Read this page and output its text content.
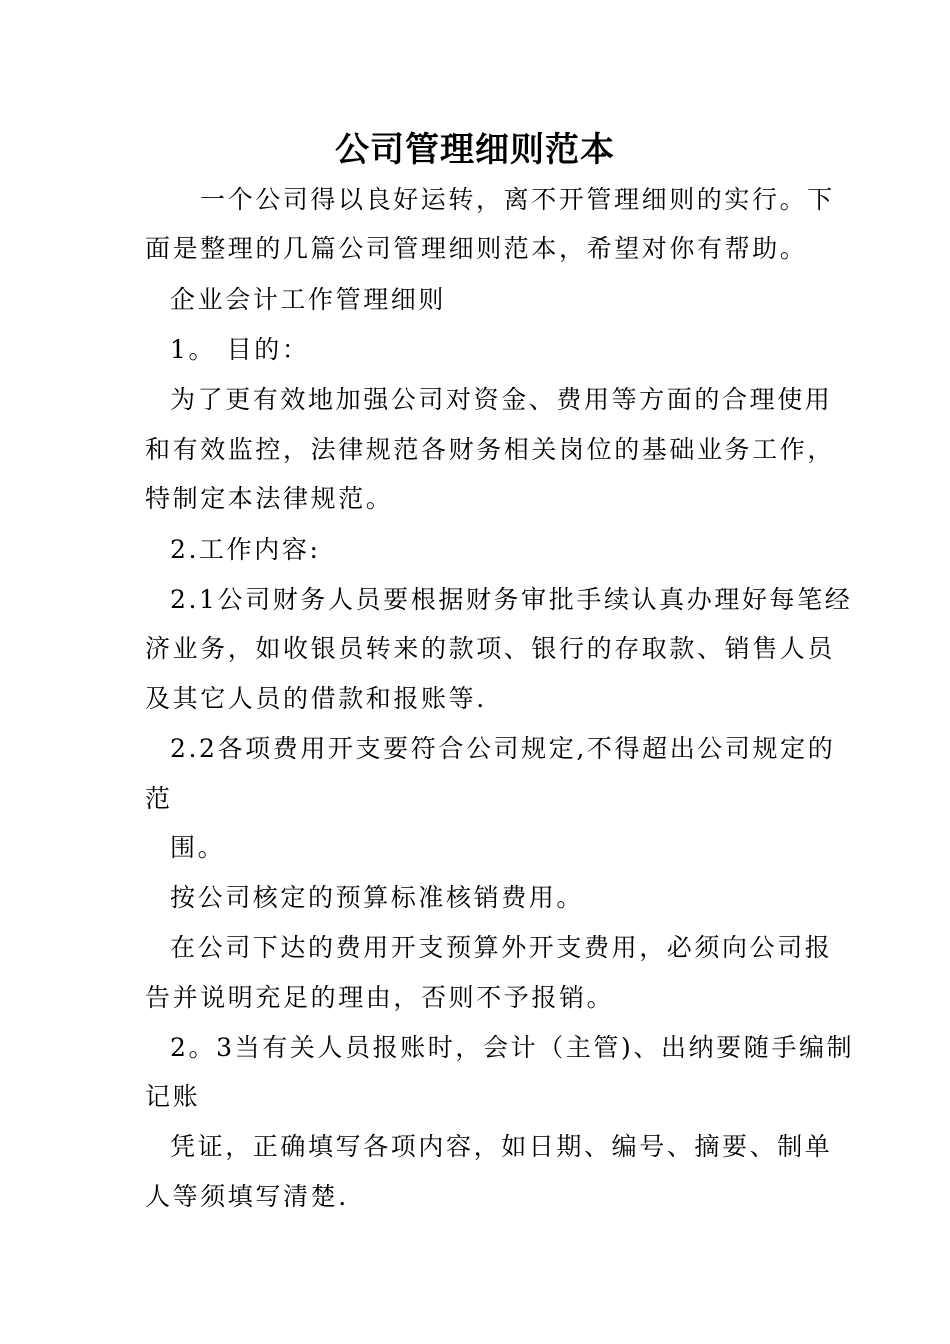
公司管理细则范本
一个公司得以良好运转，离不开管理细则的实行。下
面是整理的几篇公司管理细则范本，希望对你有帮助。
企业会计工作管理细则
1。 目的：
为了更有效地加强公司对资金、费用等方面的合理使用
和有效监控，法律规范各财务相关岗位的基础业务工作，
特制定本法律规范。
2.工作内容:
2.1公司财务人员要根据财务审批手续认真办理好每笔经
济业务，如收银员转来的款项、银行的存取款、销售人员
及其它人员的借款和报账等.
2.2各项费用开支要符合公司规定,不得超出公司规定的
范
围。
按公司核定的预算标准核销费用。
在公司下达的费用开支预算外开支费用，必须向公司报
告并说明充足的理由，否则不予报销。
2。3当有关人员报账时，会计（主管)、出纳要随手编制
记账
凭证，正确填写各项内容，如日期、编号、摘要、制单
人等须填写清楚.
